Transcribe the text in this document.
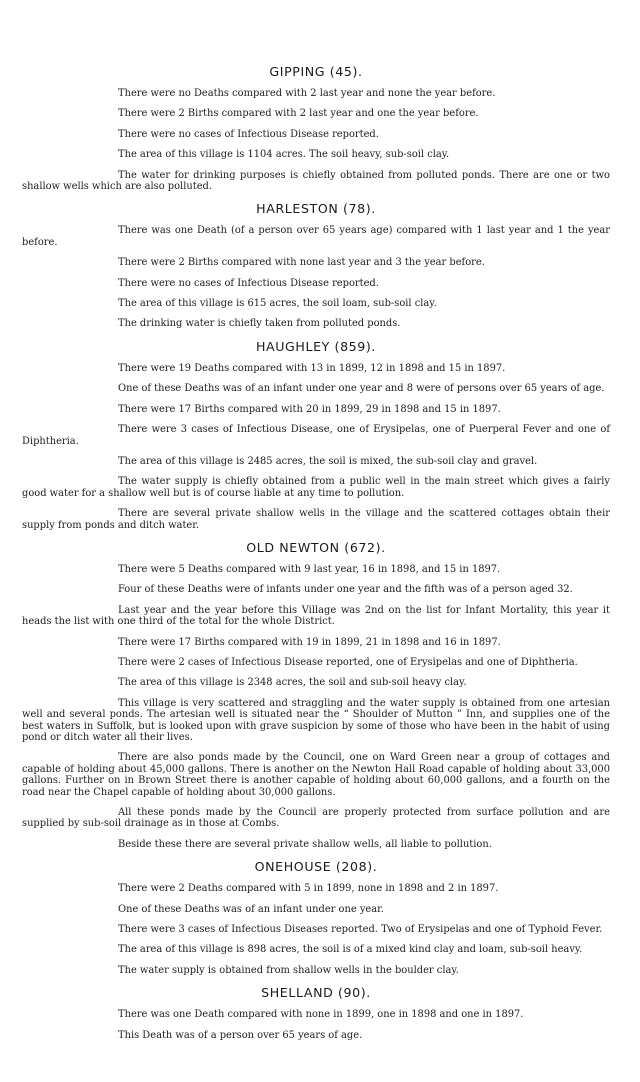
GIPPING (45).

There were no Deaths compared with 2 last year and none the year before.

There were 2 Births compared with 2 last year and one the year before.

There were no cases of Infectious Disease reported.

The area of this village is 1104 acres. The soil heavy, sub-soil clay.

The water for drinking purposes is chiefly obtained from polluted ponds. There are one or two shallow wells which are also polluted.

HARLESTON (78).

There was one Death (of a person over 65 years age) compared with 1 last year and 1 the year before.

There were 2 Births compared with none last year and 3 the year before.

There were no cases of Infectious Disease reported.

The area of this village is 615 acres, the soil loam, sub-soil clay.

The drinking water is chiefly taken from polluted ponds.

HAUGHLEY (859).

There were 19 Deaths compared with 13 in 1899, 12 in 1898 and 15 in 1897.

One of these Deaths was of an infant under one year and 8 were of persons over 65 years of age.

There were 17 Births compared with 20 in 1899, 29 in 1898 and 15 in 1897.

There were 3 cases of Infectious Disease, one of Erysipelas, one of Puerperal Fever and one of Diphtheria.

The area of this village is 2485 acres, the soil is mixed, the sub-soil clay and gravel.

The water supply is chiefly obtained from a public well in the main street which gives a fairly good water for a shallow well but is of course liable at any time to pollution.

There are several private shallow wells in the village and the scattered cottages obtain their supply from ponds and ditch water.

OLD NEWTON (672).

There were 5 Deaths compared with 9 last year, 16 in 1898, and 15 in 1897.

Four of these Deaths were of infants under one year and the fifth was of a person aged 32.

Last year and the year before this Village was 2nd on the list for Infant Mortality, this year it heads the list with one third of the total for the whole District.

There were 17 Births compared with 19 in 1899, 21 in 1898 and 16 in 1897.

There were 2 cases of Infectious Disease reported, one of Erysipelas and one of Diphtheria.

The area of this village is 2348 acres, the soil and sub-soil heavy clay.

This village is very scattered and straggling and the water supply is obtained from one artesian well and several ponds. The artesian well is situated near the “ Shoulder of Mutton ” Inn, and supplies one of the best waters in Suffolk, but is looked upon with grave suspicion by some of those who have been in the habit of using pond or ditch water all their lives.

There are also ponds made by the Council, one on Ward Green near a group of cottages and capable of holding about 45,000 gallons. There is another on the Newton Hall Road capable of holding about 33,000 gallons. Further on in Brown Street there is another capable of holding about 60,000 gallons, and a fourth on the road near the Chapel capable of holding about 30,000 gallons.

All these ponds made by the Council are properly protected from surface pollution and are supplied by sub-soil drainage as in those at Combs.

Beside these there are several private shallow wells, all liable to pollution.

ONEHOUSE (208).

There were 2 Deaths compared with 5 in 1899, none in 1898 and 2 in 1897.

One of these Deaths was of an infant under one year.

There were 3 cases of Infectious Diseases reported. Two of Erysipelas and one of Typhoid Fever.

The area of this village is 898 acres, the soil is of a mixed kind clay and loam, sub-soil heavy.

The water supply is obtained from shallow wells in the boulder clay.

SHELLAND (90).

There was one Death compared with none in 1899, one in 1898 and one in 1897.

This Death was of a person over 65 years of age.
